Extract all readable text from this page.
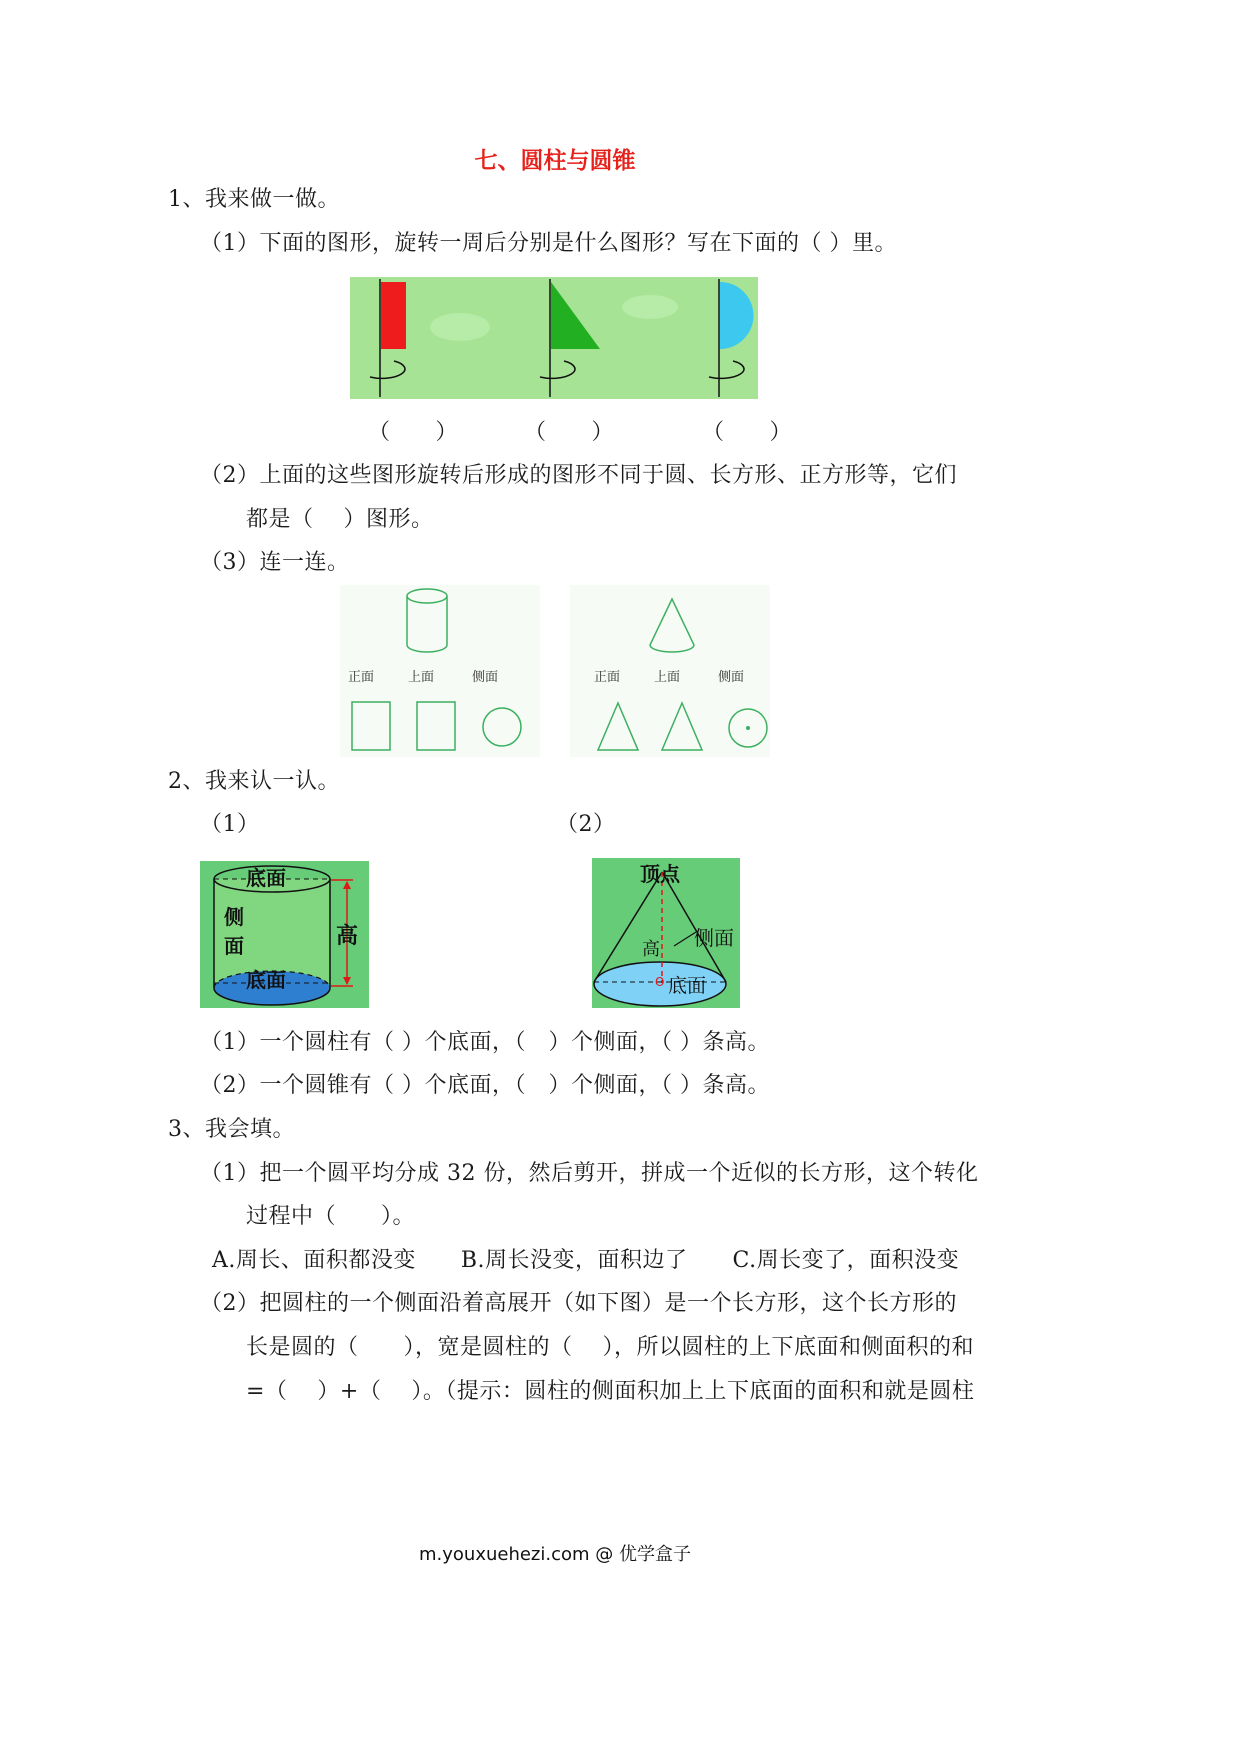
七、圆柱与圆锥
1、我来做一做。
（1）下面的图形，旋转一周后分别是什么图形？写在下面的（ ）里。
（　　）	（　　）	（　　）
（2）上面的这些图形旋转后形成的图形不同于圆、长方形、正方形等，它们
都是（　 ）图形。
（3）连一连。
正面	上面	侧面	正面	上面	侧面
2、我来认一认。
（1）	（2）
底面
侧
面	高
底面
顶点
高 侧面
O 底面
（1）一个圆柱有（ ）个底面，（　）个侧面，（ ）条高。
（2）一个圆锥有（ ）个底面，（　）个侧面，（ ）条高。
3、我会填。
（1）把一个圆平均分成 32 份，然后剪开，拼成一个近似的长方形，这个转化
过程中（　　）。
A.周长、面积都没变　　B.周长没变，面积边了　　C.周长变了，面积没变
（2）把圆柱的一个侧面沿着高展开（如下图）是一个长方形，这个长方形的
长是圆的（　　），宽是圆柱的（　 ），所以圆柱的上下底面和侧面积的和
=（　 ）+（　 ）。（提示：圆柱的侧面积加上上下底面的面积和就是圆柱
m.youxuehezi.com @ 优学盒子
